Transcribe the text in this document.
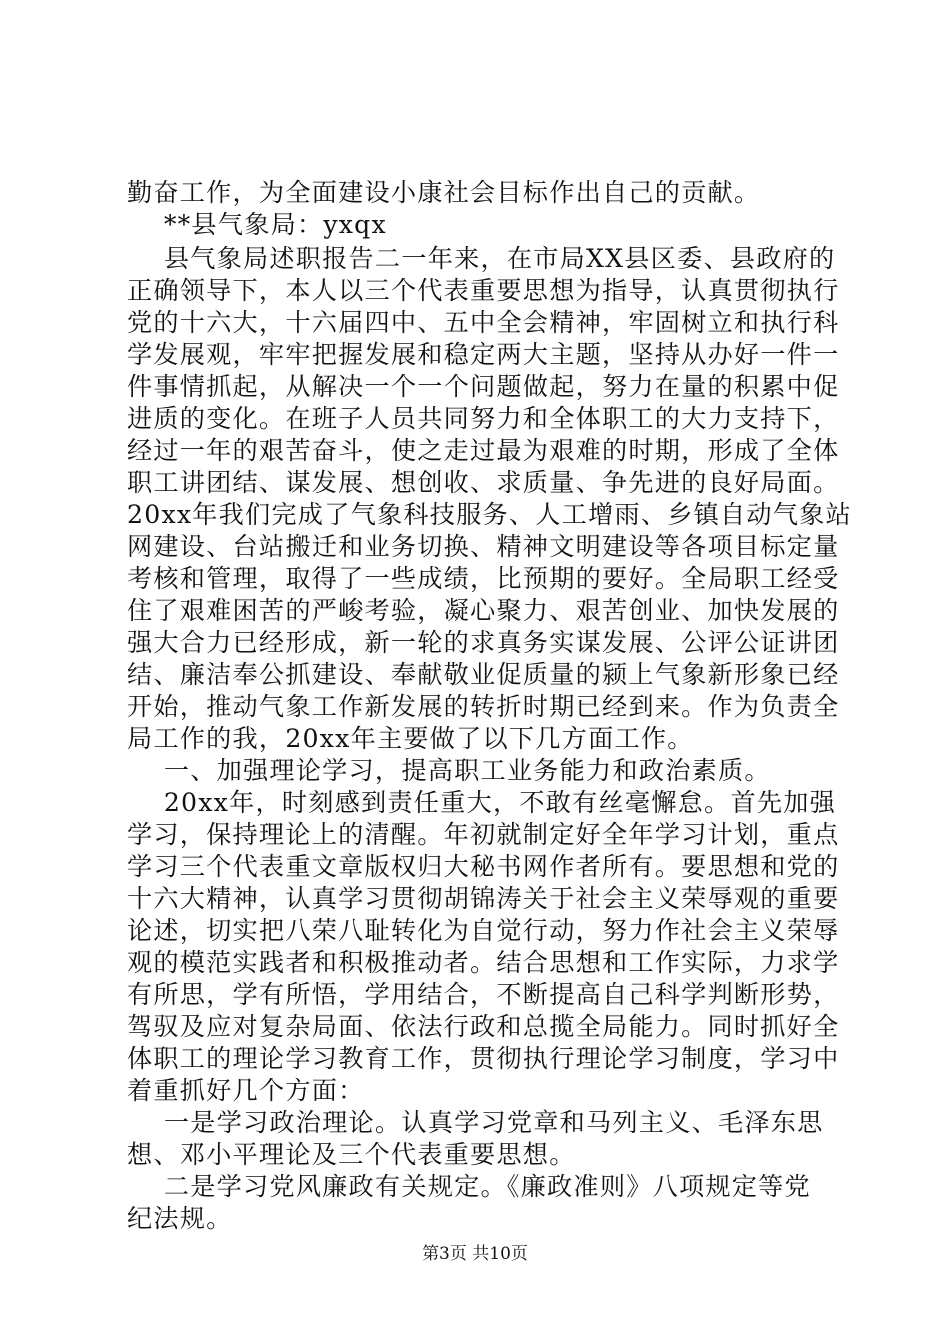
勤奋工作，为全面建设小康社会目标作出自己的贡献。
**县气象局：yxqx
县气象局述职报告二一年来，在市局XX县区委、县政府的
正确领导下，本人以三个代表重要思想为指导，认真贯彻执行
党的十六大，十六届四中、五中全会精神，牢固树立和执行科
学发展观，牢牢把握发展和稳定两大主题，坚持从办好一件一
件事情抓起，从解决一个一个问题做起，努力在量的积累中促
进质的变化。在班子人员共同努力和全体职工的大力支持下，
经过一年的艰苦奋斗，使之走过最为艰难的时期，形成了全体
职工讲团结、谋发展、想创收、求质量、争先进的良好局面。
20xx年我们完成了气象科技服务、人工增雨、乡镇自动气象站
网建设、台站搬迁和业务切换、精神文明建设等各项目标定量
考核和管理，取得了一些成绩，比预期的要好。全局职工经受
住了艰难困苦的严峻考验，凝心聚力、艰苦创业、加快发展的
强大合力已经形成，新一轮的求真务实谋发展、公评公证讲团
结、廉洁奉公抓建设、奉献敬业促质量的颍上气象新形象已经
开始，推动气象工作新发展的转折时期已经到来。作为负责全
局工作的我，20xx年主要做了以下几方面工作。
一、加强理论学习，提高职工业务能力和政治素质。
20xx年，时刻感到责任重大，不敢有丝毫懈怠。首先加强
学习，保持理论上的清醒。年初就制定好全年学习计划，重点
学习三个代表重文章版权归大秘书网作者所有。要思想和党的
十六大精神，认真学习贯彻胡锦涛关于社会主义荣辱观的重要
论述，切实把八荣八耻转化为自觉行动，努力作社会主义荣辱
观的模范实践者和积极推动者。结合思想和工作实际，力求学
有所思，学有所悟，学用结合，不断提高自己科学判断形势，
驾驭及应对复杂局面、依法行政和总揽全局能力。同时抓好全
体职工的理论学习教育工作，贯彻执行理论学习制度，学习中
着重抓好几个方面：
一是学习政治理论。认真学习党章和马列主义、毛泽东思
想、邓小平理论及三个代表重要思想。
二是学习党风廉政有关规定。《廉政准则》八项规定等党
纪法规。
第3页 共10页
